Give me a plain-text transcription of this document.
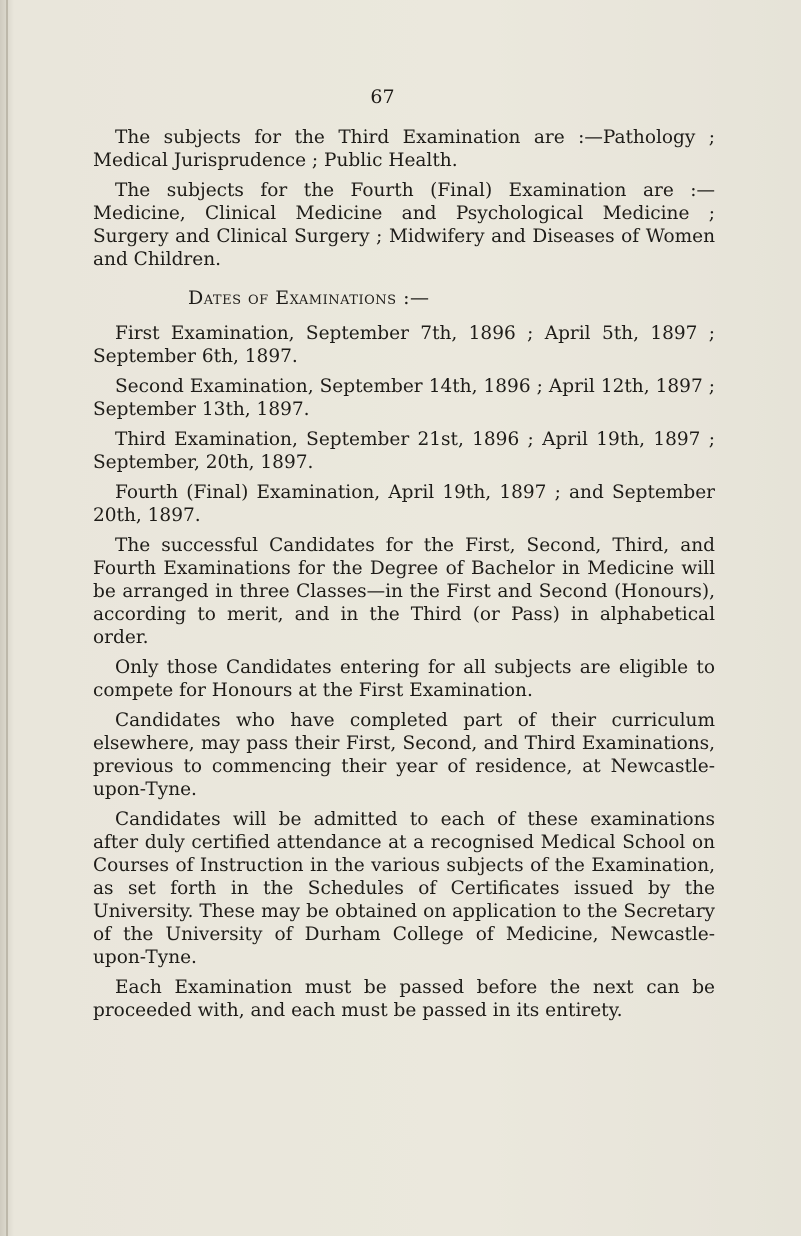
67

The subjects for the Third Examination are :—Pathology ; Medical Jurisprudence ; Public Health.

The subjects for the Fourth (Final) Examination are :— Medicine, Clinical Medicine and Psychological Medicine ; Surgery and Clinical Surgery ; Midwifery and Diseases of Women and Children.

Dates of Examinations :—

First Examination, September 7th, 1896 ; April 5th, 1897 ; September 6th, 1897.

Second Examination, September 14th, 1896 ; April 12th, 1897 ; September 13th, 1897.

Third Examination, September 21st, 1896 ; April 19th, 1897 ; September, 20th, 1897.

Fourth (Final) Examination, April 19th, 1897 ; and September 20th, 1897.

The successful Candidates for the First, Second, Third, and Fourth Examinations for the Degree of Bachelor in Medicine will be arranged in three Classes—in the First and Second (Honours), according to merit, and in the Third (or Pass) in alphabetical order.

Only those Candidates entering for all subjects are eligible to compete for Honours at the First Examination.

Candidates who have completed part of their curriculum elsewhere, may pass their First, Second, and Third Examinations, previous to commencing their year of residence, at Newcastle-upon-Tyne.

Candidates will be admitted to each of these examinations after duly certified attendance at a recognised Medical School on Courses of Instruction in the various subjects of the Examination, as set forth in the Schedules of Certificates issued by the University. These may be obtained on application to the Secretary of the University of Durham College of Medicine, Newcastle-upon-Tyne.

Each Examination must be passed before the next can be proceeded with, and each must be passed in its entirety.
